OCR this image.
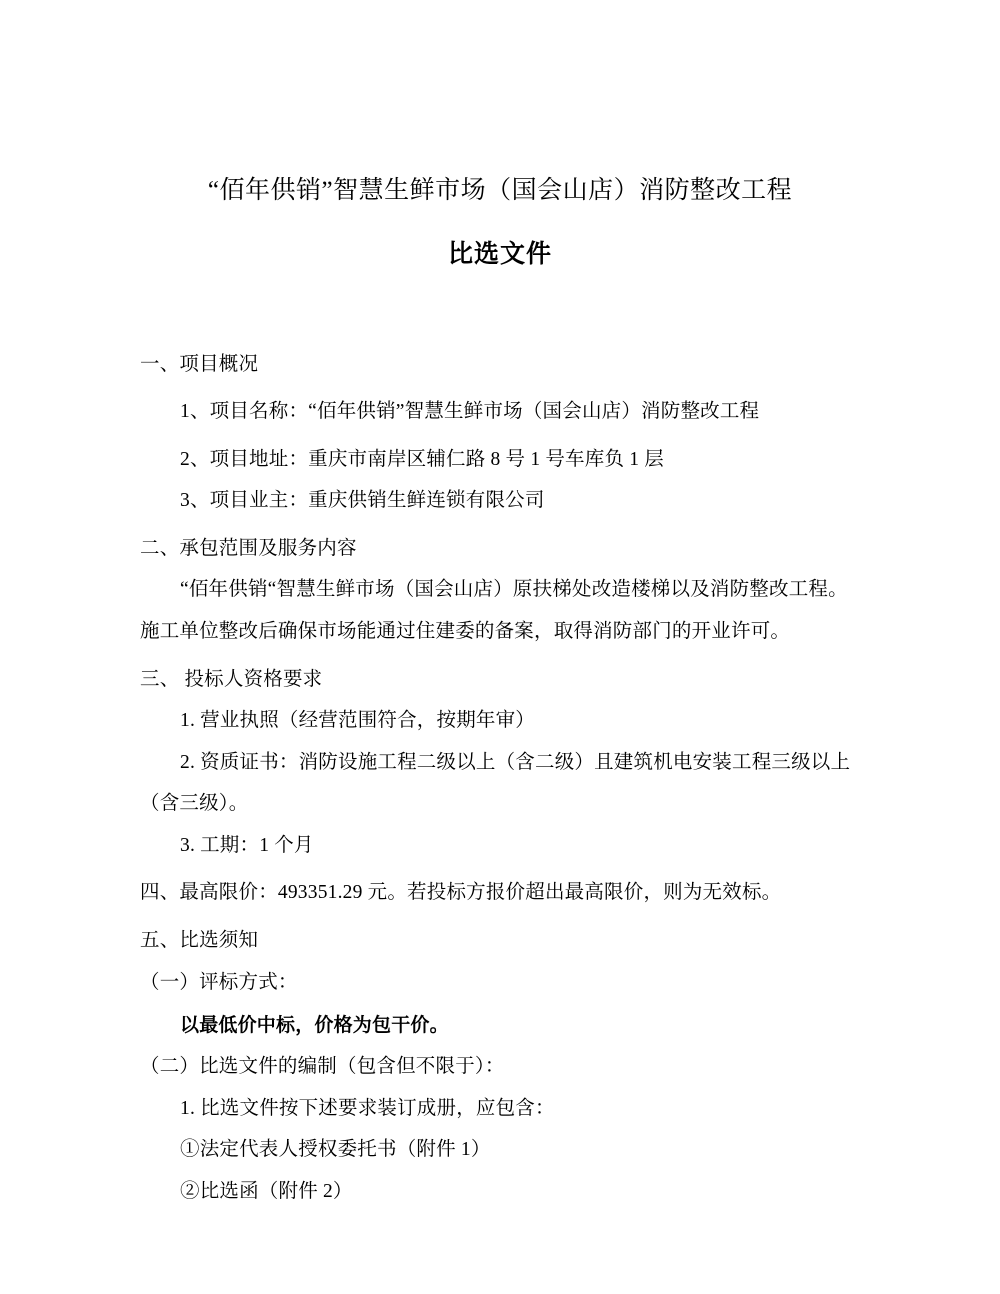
“佰年供销”智慧生鲜市场（国会山店）消防整改工程
比选文件

一、项目概况

1、项目名称：“佰年供销”智慧生鲜市场（国会山店）消防整改工程

2、项目地址：重庆市南岸区辅仁路 8 号 1 号车库负 1 层

3、项目业主：重庆供销生鲜连锁有限公司

二、承包范围及服务内容

“佰年供销“智慧生鲜市场（国会山店）原扶梯处改造楼梯以及消防整改工程。

施工单位整改后确保市场能通过住建委的备案，取得消防部门的开业许可。

三、 投标人资格要求

1. 营业执照（经营范围符合，按期年审）

2. 资质证书：消防设施工程二级以上（含二级）且建筑机电安装工程三级以上

（含三级）。

3. 工期：1 个月

四、最高限价：493351.29 元。若投标方报价超出最高限价，则为无效标。

五、比选须知

（一）评标方式：

以最低价中标，价格为包干价。

（二）比选文件的编制（包含但不限于）：

1. 比选文件按下述要求装订成册，应包含：

①法定代表人授权委托书（附件 1）

②比选函（附件 2）
